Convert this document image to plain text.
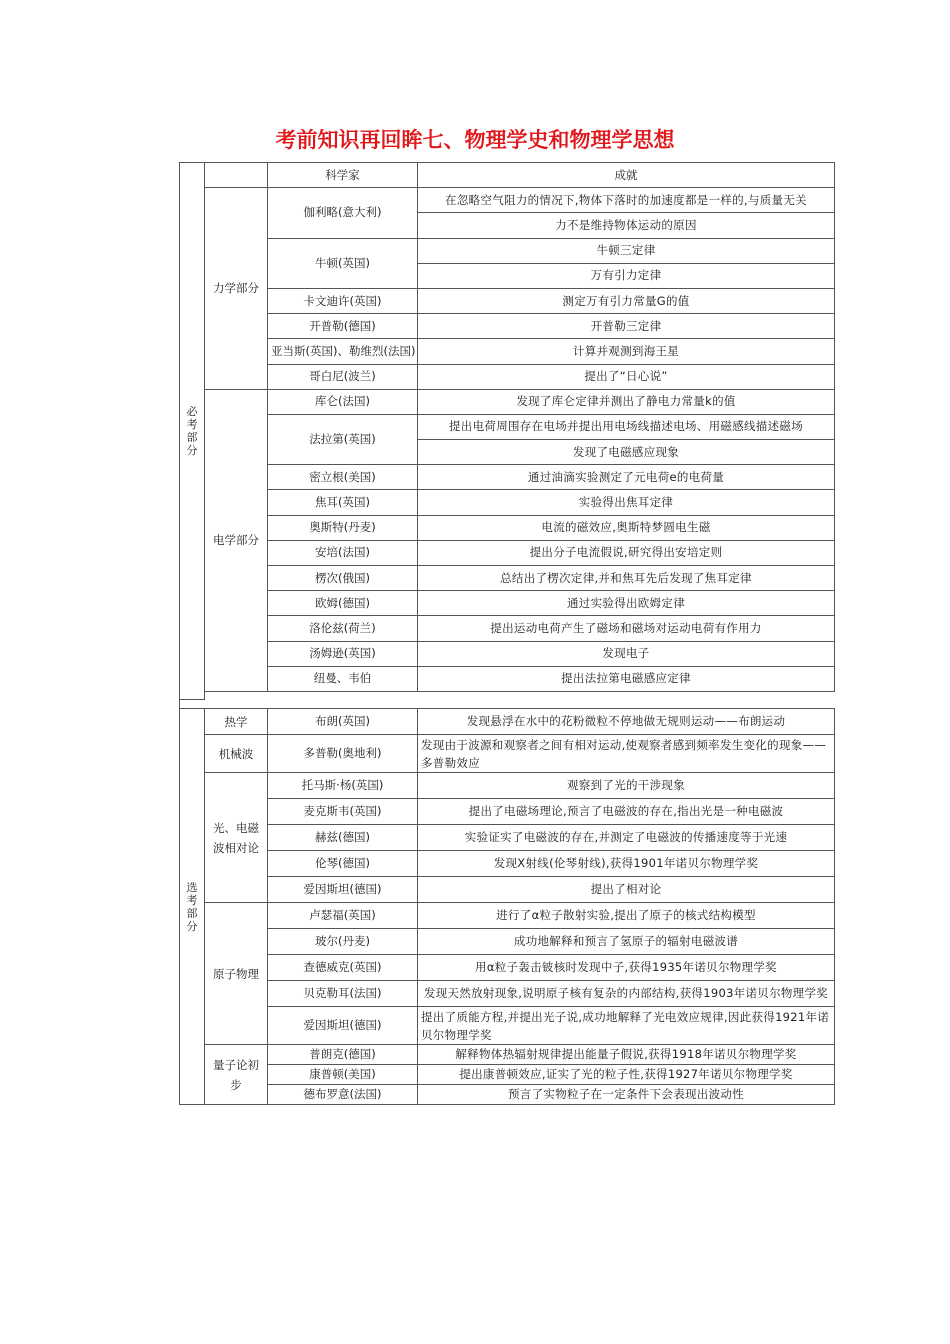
考前知识再回眸七、物理学史和物理学思想
必考部分		科学家	成就
	力学部分	伽利略(意大利)	在忽略空气阻力的情况下,物体下落时的加速度都是一样的,与质量无关
			力不是维持物体运动的原因
		牛顿(英国)	牛顿三定律
			万有引力定律
		卡文迪许(英国)	测定万有引力常量G的值
		开普勒(德国)	开普勒三定律
		亚当斯(英国)、勒维烈(法国)	计算并观测到海王星
		哥白尼(波兰)	提出了“日心说”
	电学部分	库仑(法国)	发现了库仑定律并测出了静电力常量k的值
		法拉第(英国)	提出电荷周围存在电场并提出用电场线描述电场、用磁感线描述磁场
			发现了电磁感应现象
		密立根(美国)	通过油滴实验测定了元电荷e的电荷量
		焦耳(英国)	实验得出焦耳定律
		奥斯特(丹麦)	电流的磁效应,奥斯特梦圆电生磁
		安培(法国)	提出分子电流假说,研究得出安培定则
		楞次(俄国)	总结出了楞次定律,并和焦耳先后发现了焦耳定律
		欧姆(德国)	通过实验得出欧姆定律
		洛伦兹(荷兰)	提出运动电荷产生了磁场和磁场对运动电荷有作用力
		汤姆逊(英国)	发现电子
		纽曼、韦伯	提出法拉第电磁感应定律

选考部分	热学	布朗(英国)	发现悬浮在水中的花粉微粒不停地做无规则运动——布朗运动
	机械波	多普勒(奥地利)	发现由于波源和观察者之间有相对运动,使观察者感到频率发生变化的现象——多普勒效应
	光、电磁波相对论	托马斯·杨(英国)	观察到了光的干涉现象
		麦克斯韦(英国)	提出了电磁场理论,预言了电磁波的存在,指出光是一种电磁波
		赫兹(德国)	实验证实了电磁波的存在,并测定了电磁波的传播速度等于光速
		伦琴(德国)	发现X射线(伦琴射线),获得1901年诺贝尔物理学奖
		爱因斯坦(德国)	提出了相对论
	原子物理	卢瑟福(英国)	进行了α粒子散射实验,提出了原子的核式结构模型
		玻尔(丹麦)	成功地解释和预言了氢原子的辐射电磁波谱
		查德威克(英国)	用α粒子轰击铍核时发现中子,获得1935年诺贝尔物理学奖
		贝克勒耳(法国)	发现天然放射现象,说明原子核有复杂的内部结构,获得1903年诺贝尔物理学奖
		爱因斯坦(德国)	提出了质能方程,并提出光子说,成功地解释了光电效应规律,因此获得1921年诺贝尔物理学奖
	量子论初步	普朗克(德国)	解释物体热辐射规律提出能量子假说,获得1918年诺贝尔物理学奖
		康普顿(美国)	提出康普顿效应,证实了光的粒子性,获得1927年诺贝尔物理学奖
		德布罗意(法国)	预言了实物粒子在一定条件下会表现出波动性
